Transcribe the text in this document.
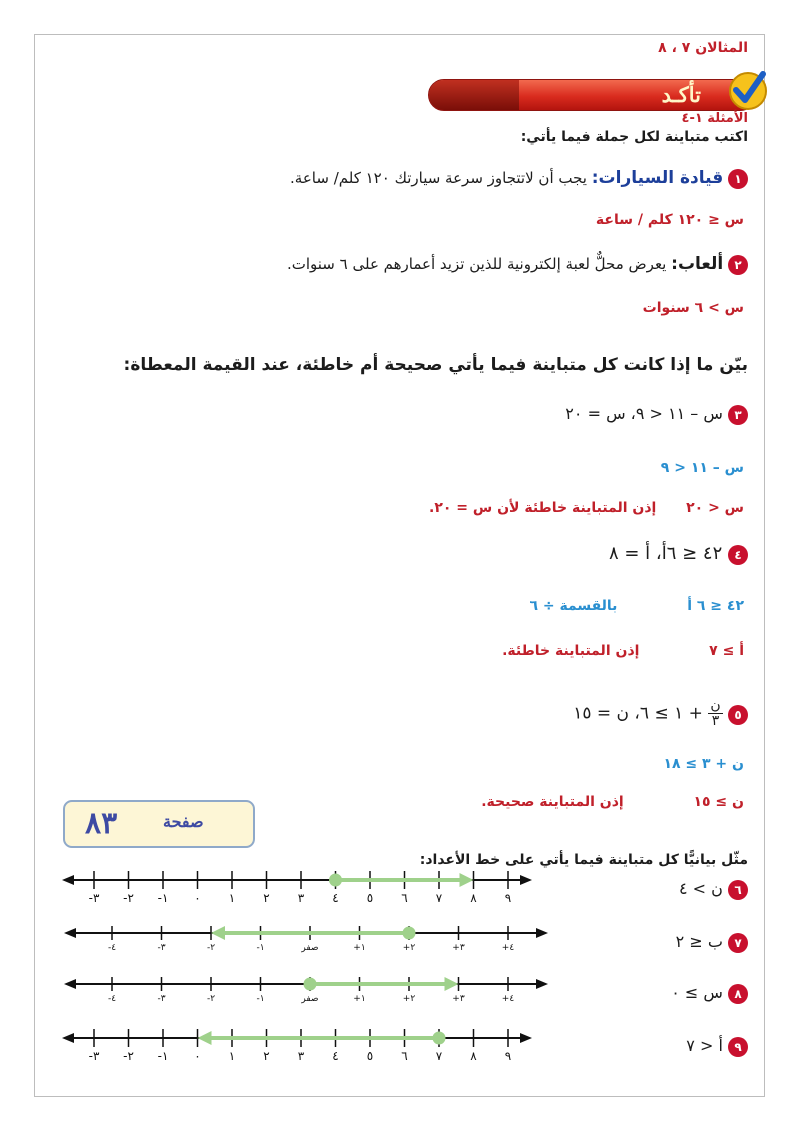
المثالان ٧ ، ٨
تأكـد
الأمثلة ١-٤
اكتب متباينة لكل جملة فيما يأتي:
١ قيادة السيارات: يجب أن لاتتجاوز سرعة سيارتك ١٢٠ كلم/ ساعة.
س ≤ ١٢٠ كلم / ساعة
٢ ألعاب: يعرض محلٌّ لعبة إلكترونية للذين تزيد أعمارهم على ٦ سنوات.
س > ٦ سنوات
بيّن ما إذا كانت كل متباينة فيما يأتي صحيحة أم خاطئة، عند القيمة المعطاة:
٣ س – ١١ < ٩، س = ٢٠
س – ١١ < ٩
س < ٢٠  إذن المتباينة خاطئة لأن س = ٢٠.
٤ ٤٢ ≤ ٦أ، أ = ٨
٤٢ ≤ ٦ أ  بالقسمة ÷ ٦
أ ≥ ٧  إذن المتباينة خاطئة.
٥
ن
٣
+ ١ ≥ ٦، ن = ١٥
ن + ٣ ≥ ١٨
ن ≥ ١٥  إذن المتباينة صحيحة.
٨٣	صفحة
مثّل بيانيًّا كل متباينة فيما يأتي على خط الأعداد:
٦ ن > ٤
٧ ب ≤ ٢
٨ س ≥ ٠
٩ أ < ٧
-٣ -٢ -١ ٠ ١ ٢ ٣ ٤ ٥ ٦ ٧ ٨ ٩
-٤	-٣	-٢	-١	صفر	+١	+٢	+٣	+٤
-٤	-٣	-٢	-١	صفر	+١	+٢	+٣	+٤
-٣ -٢ -١ ٠ ١ ٢ ٣ ٤ ٥ ٦ ٧ ٨ ٩
